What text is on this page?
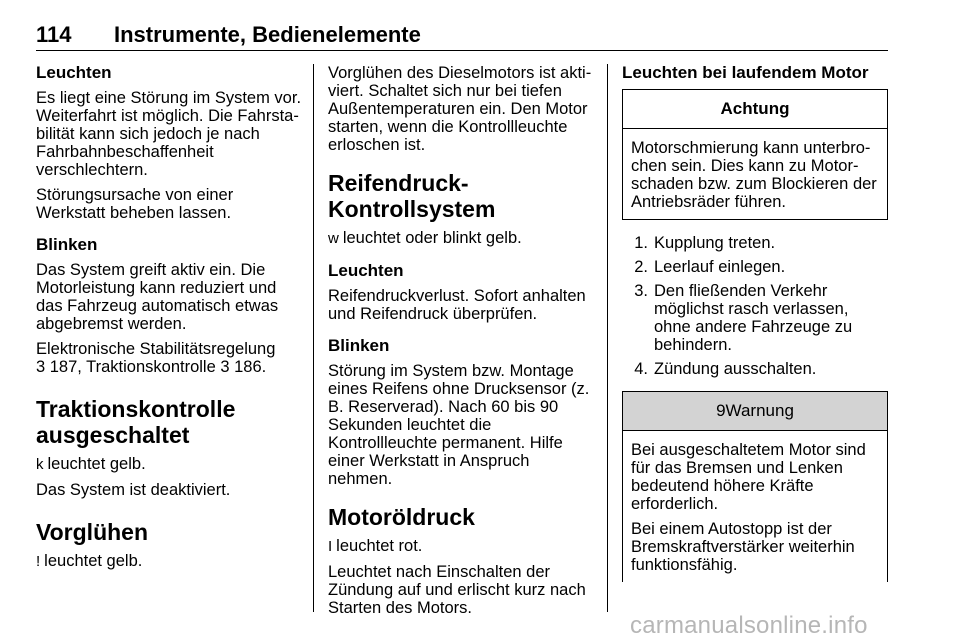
114 Instrumente, Bedienelemente
Leuchten

Es liegt eine Störung im System vor. Weiterfahrt ist möglich. Die Fahrstabilität kann sich jedoch je nach Fahrbahnbeschaffenheit verschlechtern.

Störungsursache von einer Werkstatt beheben lassen.

Blinken

Das System greift aktiv ein. Die Motorleistung kann reduziert und das Fahrzeug automatisch etwas abgebremst werden.

Elektronische Stabilitätsregelung
3 187, Traktionskontrolle 3 186.

Traktionskontrolle ausgeschaltet

k leuchtet gelb.

Das System ist deaktiviert.

Vorglühen

! leuchtet gelb.

Vorglühen des Dieselmotors ist aktiviert. Schaltet sich nur bei tiefen Außentemperaturen ein. Den Motor starten, wenn die Kontrollleuchte erloschen ist.

Reifendruck-Kontrollsystem

w leuchtet oder blinkt gelb.

Leuchten

Reifendruckverlust. Sofort anhalten und Reifendruck überprüfen.

Blinken

Störung im System bzw. Montage eines Reifens ohne Drucksensor (z. B. Reserverad). Nach 60 bis 90 Sekunden leuchtet die Kontrollleuchte permanent. Hilfe einer Werkstatt in Anspruch nehmen.

Motoröldruck

I leuchtet rot.

Leuchtet nach Einschalten der Zündung auf und erlischt kurz nach Starten des Motors.

Leuchten bei laufendem Motor
Achtung

Motorschmierung kann unterbrochen sein. Dies kann zu Motorschaden bzw. zum Blockieren der Antriebsräder führen.

1. Kupplung treten.
2. Leerlauf einlegen.
3. Den fließenden Verkehr möglichst rasch verlassen, ohne andere Fahrzeuge zu behindern.
4. Zündung ausschalten.
9Warnung

Bei ausgeschaltetem Motor sind für das Bremsen und Lenken bedeutend höhere Kräfte erforderlich.

Bei einem Autostopp ist der Bremskraftverstärker weiterhin funktionsfähig.

carmanualsonline.info
